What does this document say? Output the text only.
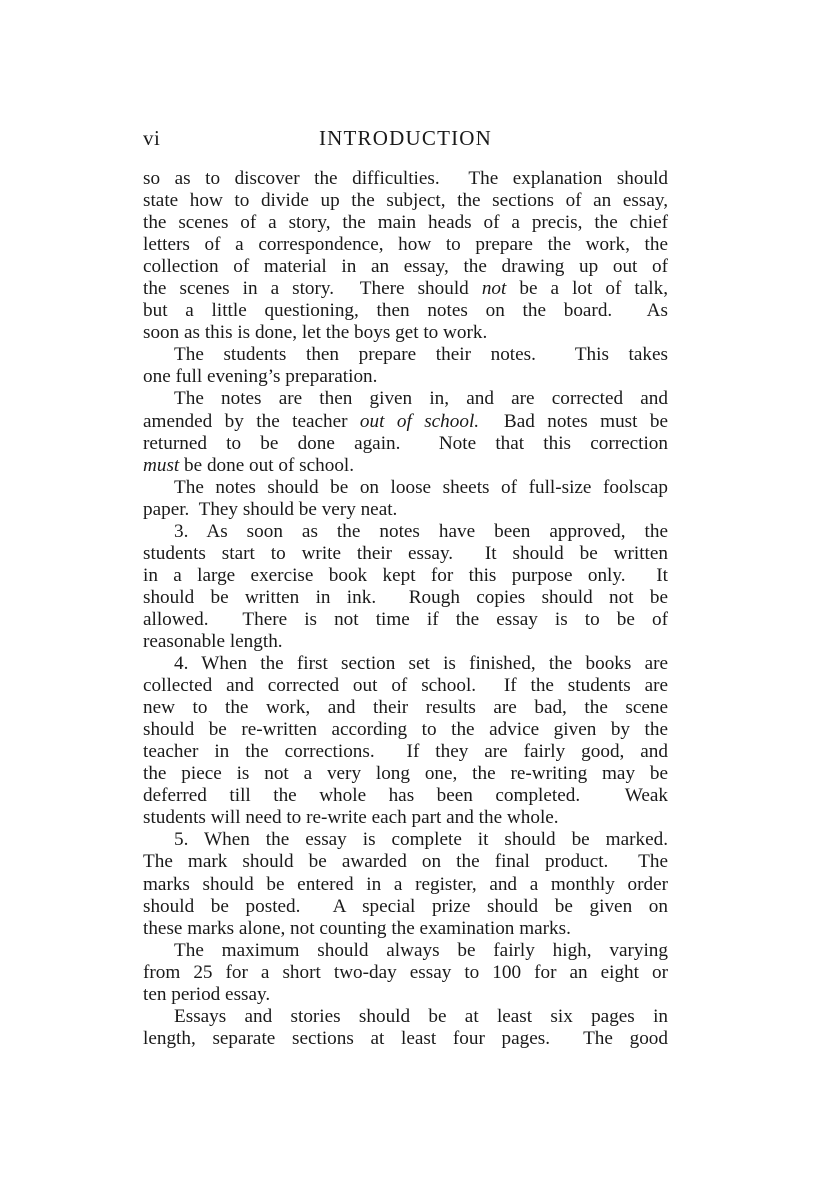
vi	INTRODUCTION
so as to discover the difficulties.  The explanation should
state how to divide up the subject, the sections of an essay,
the scenes of a story, the main heads of a precis, the chief
letters of a correspondence, how to prepare the work, the
collection of material in an essay, the drawing up out of
the scenes in a story.  There should not be a lot of talk,
but a little questioning, then notes on the board.  As
soon as this is done, let the boys get to work.
The students then prepare their notes.  This takes
one full evening’s preparation.
The notes are then given in, and are corrected and
amended by the teacher out of school.  Bad notes must be
returned to be done again.  Note that this correction
must be done out of school.
The notes should be on loose sheets of full-size foolscap
paper.  They should be very neat.
3. As soon as the notes have been approved, the
students start to write their essay.  It should be written
in a large exercise book kept for this purpose only.  It
should be written in ink.  Rough copies should not be
allowed.  There is not time if the essay is to be of
reasonable length.
4. When the first section set is finished, the books are
collected and corrected out of school.  If the students are
new to the work, and their results are bad, the scene
should be re-written according to the advice given by the
teacher in the corrections.  If they are fairly good, and
the piece is not a very long one, the re-writing may be
deferred till the whole has been completed.  Weak
students will need to re-write each part and the whole.
5. When the essay is complete it should be marked.
The mark should be awarded on the final product.  The
marks should be entered in a register, and a monthly order
should be posted.  A special prize should be given on
these marks alone, not counting the examination marks.
The maximum should always be fairly high, varying
from 25 for a short two-day essay to 100 for an eight or
ten period essay.
Essays and stories should be at least six pages in
length, separate sections at least four pages.  The good
